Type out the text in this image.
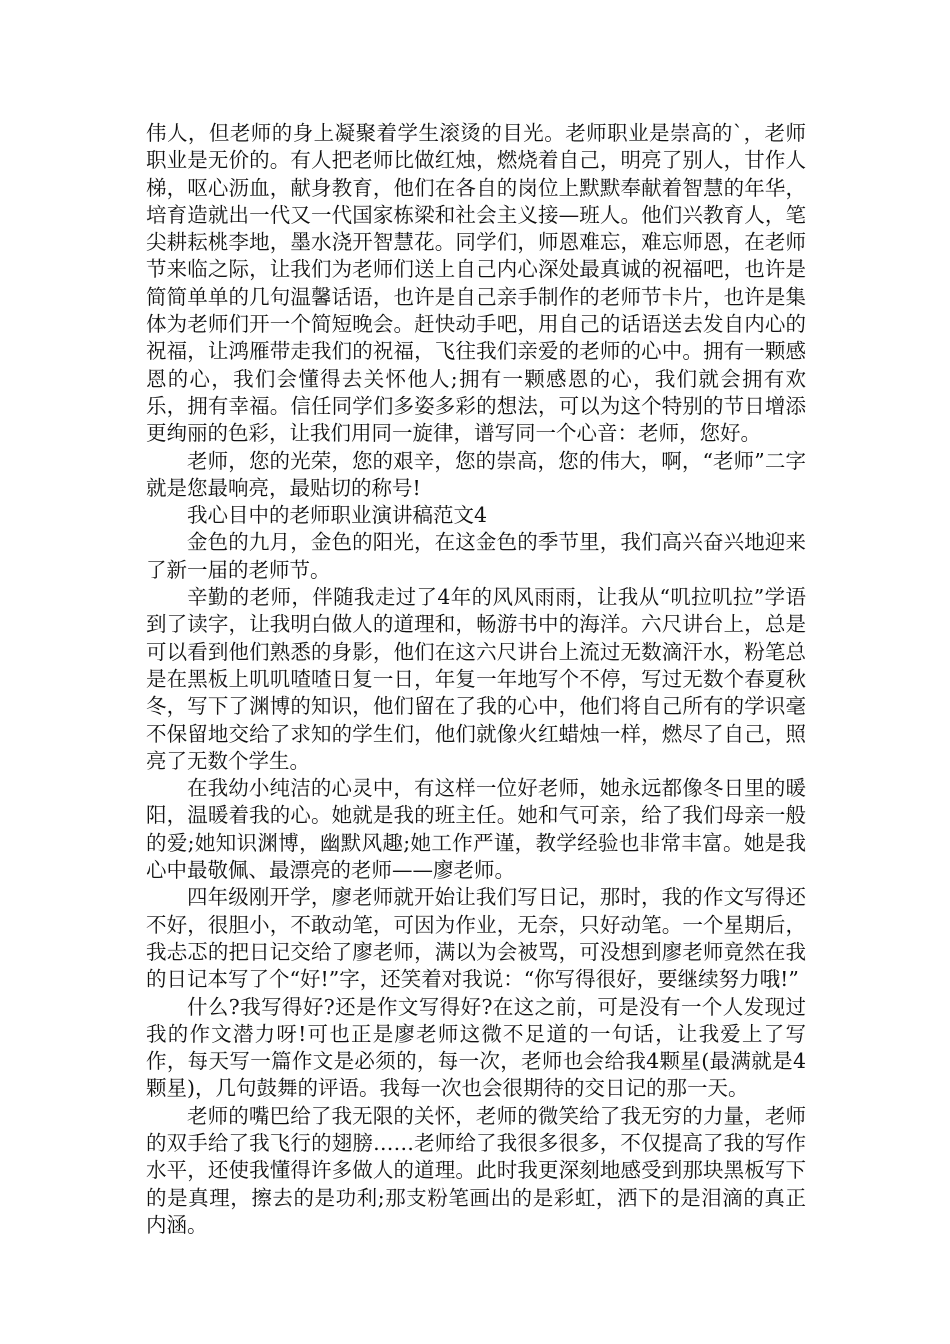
伟人，但老师的身上凝聚着学生滚烫的目光。老师职业是崇高的`，老师职业是无价的。有人把老师比做红烛，燃烧着自己，明亮了别人，甘作人梯，呕心沥血，献身教育，他们在各自的岗位上默默奉献着智慧的年华，培育造就出一代又一代国家栋梁和社会主义接—班人。他们兴教育人，笔尖耕耘桃李地，墨水浇开智慧花。同学们，师恩难忘，难忘师恩，在老师节来临之际，让我们为老师们送上自己内心深处最真诚的祝福吧，也许是简简单单的几句温馨话语，也许是自己亲手制作的老师节卡片，也许是集体为老师们开一个简短晚会。赶快动手吧，用自己的话语送去发自内心的祝福，让鸿雁带走我们的祝福，飞往我们亲爱的老师的心中。拥有一颗感恩的心，我们会懂得去关怀他人;拥有一颗感恩的心，我们就会拥有欢乐，拥有幸福。信任同学们多姿多彩的想法，可以为这个特别的节日增添更绚丽的色彩，让我们用同一旋律，谱写同一个心音：老师，您好。

老师，您的光荣，您的艰辛，您的崇高，您的伟大，啊，“老师”二字就是您最响亮，最贴切的称号!

我心目中的老师职业演讲稿范文4

金色的九月，金色的阳光，在这金色的季节里，我们高兴奋兴地迎来了新一届的老师节。

辛勤的老师，伴随我走过了4年的风风雨雨，让我从“叽拉叽拉”学语到了读字，让我明白做人的道理和，畅游书中的海洋。六尺讲台上，总是可以看到他们熟悉的身影，他们在这六尺讲台上流过无数滴汗水，粉笔总是在黑板上叽叽喳喳日复一日，年复一年地写个不停，写过无数个春夏秋冬，写下了渊博的知识，他们留在了我的心中，他们将自己所有的学识毫不保留地交给了求知的学生们，他们就像火红蜡烛一样，燃尽了自己，照亮了无数个学生。

在我幼小纯洁的心灵中，有这样一位好老师，她永远都像冬日里的暖阳，温暖着我的心。她就是我的班主任。她和气可亲，给了我们母亲一般的爱;她知识渊博，幽默风趣;她工作严谨，教学经验也非常丰富。她是我心中最敬佩、最漂亮的老师——廖老师。

四年级刚开学，廖老师就开始让我们写日记，那时，我的作文写得还不好，很胆小，不敢动笔，可因为作业，无奈，只好动笔。一个星期后，我忐忑的把日记交给了廖老师，满以为会被骂，可没想到廖老师竟然在我的日记本写了个“好!”字，还笑着对我说：“你写得很好，要继续努力哦!”

什么?我写得好?还是作文写得好?在这之前，可是没有一个人发现过我的作文潜力呀!可也正是廖老师这微不足道的一句话，让我爱上了写作，每天写一篇作文是必须的，每一次，老师也会给我4颗星(最满就是4颗星)，几句鼓舞的评语。我每一次也会很期待的交日记的那一天。

老师的嘴巴给了我无限的关怀，老师的微笑给了我无穷的力量，老师的双手给了我飞行的翅膀……老师给了我很多很多，不仅提高了我的写作水平，还使我懂得许多做人的道理。此时我更深刻地感受到那块黑板写下的是真理，擦去的是功利;那支粉笔画出的是彩虹，洒下的是泪滴的真正内涵。
